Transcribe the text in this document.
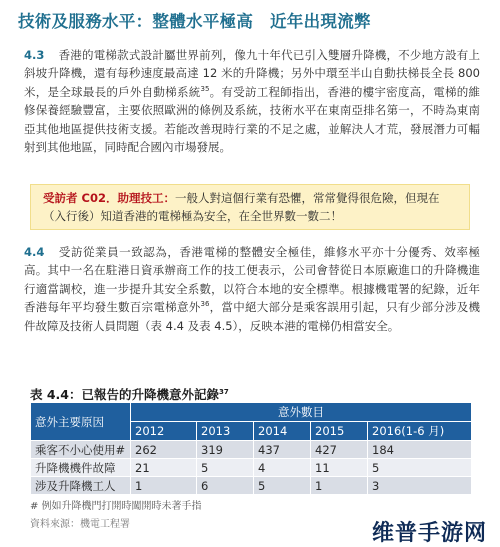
技術及服務水平：整體水平極高　近年出現流弊
4.3 香港的電梯款式設計屬世界前列，像九十年代已引入雙層升降機，不少地方設有上斜坡升降機，還有每秒速度最高達 12 米的升降機；另外中環至半山自動扶梯長全長 800 米，是全球最長的戶外自動梯系統$^{35}$。有受訪工程師指出，香港的樓宇密度高，電梯的維修保養經驗豐富，主要依照歐洲的條例及系統，技術水平在東南亞排名第一，不時為東南亞其他地區提供技術支援。若能改善現時行業的不足之處，並解決人才荒，發展潛力可輻射到其他地區，同時配合國內市場發展。
受訪者 C02．助理技工：一般人對這個行業有恐懼，常常覺得很危險，但現在（入行後）知道香港的電梯極為安全，在全世界數一數二！
4.4 受訪從業員一致認為，香港電梯的整體安全極佳，維修水平亦十分優秀、效率極高。其中一名在駐港日資承辦商工作的技工便表示，公司會替從日本原廠進口的升降機進行適當調校，進一步提升其安全系數，以符合本地的安全標準。根據機電署的紀錄，近年香港每年平均發生數百宗電梯意外$^{36}$，當中絕大部分是乘客誤用引起，只有少部分涉及機件故障及技術人員問題（表 4.4 及表 4.5），反映本港的電梯仍相當安全。
表 4.4：已報告的升降機意外記錄$^{37}$
意外主要原因	意外數目				
	2012	2013	2014	2015	2016(1-6 月)
乘客不小心使用#	262	319	437	427	184
升降機機件故障	21	5	4	11	5
涉及升降機工人	1	6	5	1	3
# 例如升降機門打開時闖開時未著手指
資料來源：機電工程署	维普手游网
